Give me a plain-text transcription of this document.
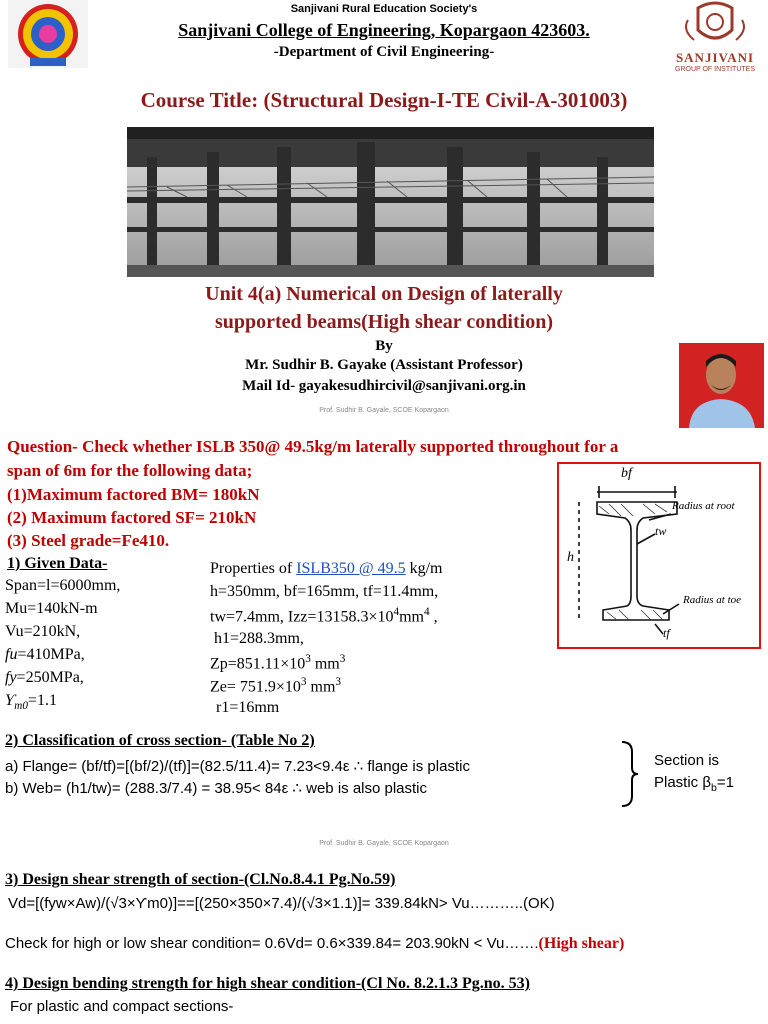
SANJIVANI
GROUP OF INSTITUTES
Sanjivani Rural Education Society's
Sanjivani College of Engineering, Kopargaon 423603.
-Department of Civil Engineering-
Course Title: (Structural Design-I-TE Civil-A-301003)
Unit 4(a) Numerical on Design of laterally
supported beams(High shear condition)
By
Mr. Sudhir B. Gayake (Assistant Professor)
Mail Id- gayakesudhircivil@sanjivani.org.in
Prof. Sudhir B. Gayale, SCOE Kopargaon
Question- Check whether ISLB 350@ 49.5kg/m laterally supported throughout for a
span of 6m for the following data;
(1)Maximum factored BM= 180kN
(2) Maximum factored SF= 210kN
(3) Steel grade=Fe410.
bf
Radius at root
tw
h
Radius at toe
tf
1) Given Data-
Span=l=6000mm,
Mu=140kN-m
Vu=210kN,
fu=410MPa,
fy=250MPa,
$Ƴ_{m0}=1.1$
Properties of ISLB350 @ 49.5 kg/m
h=350mm, bf=165mm, tf=11.4mm,
tw=7.4mm, $Izz=13158.3\times 10^4mm^4$ ,
h1=288.3mm,
$Zp=851.11\times 10^3$ $mm^3$
$Ze= 751.9\times 10^3$ $mm^3$
r1=16mm
2) Classification of cross section- (Table No 2)
a) Flange= (bf/tf)=[(bf/2)/(tf)]=(82.5/11.4)= 7.23<9.4ε ∴ flange is plastic
b) Web= (h1/tw)= (288.3/7.4) = 38.95< 84ε ∴ web is also plastic
Section is
Plastic $\beta_b=1$
Prof. Sudhir B. Gayale, SCOE Kopargaon
3) Design shear strength of section-(Cl.No.8.4.1 Pg.No.59)
Vd=[(fyw×Aw)/(√3×Ƴm0)]==[(250×350×7.4)/(√3×1.1)]= 339.84kN> Vu………..(OK)
Check for high or low shear condition= 0.6Vd= 0.6×339.84= 203.90kN < Vu…….(High shear)
4) Design bending strength for high shear condition-(Cl No. 8.2.1.3 Pg.no. 53)
For plastic and compact sections-
